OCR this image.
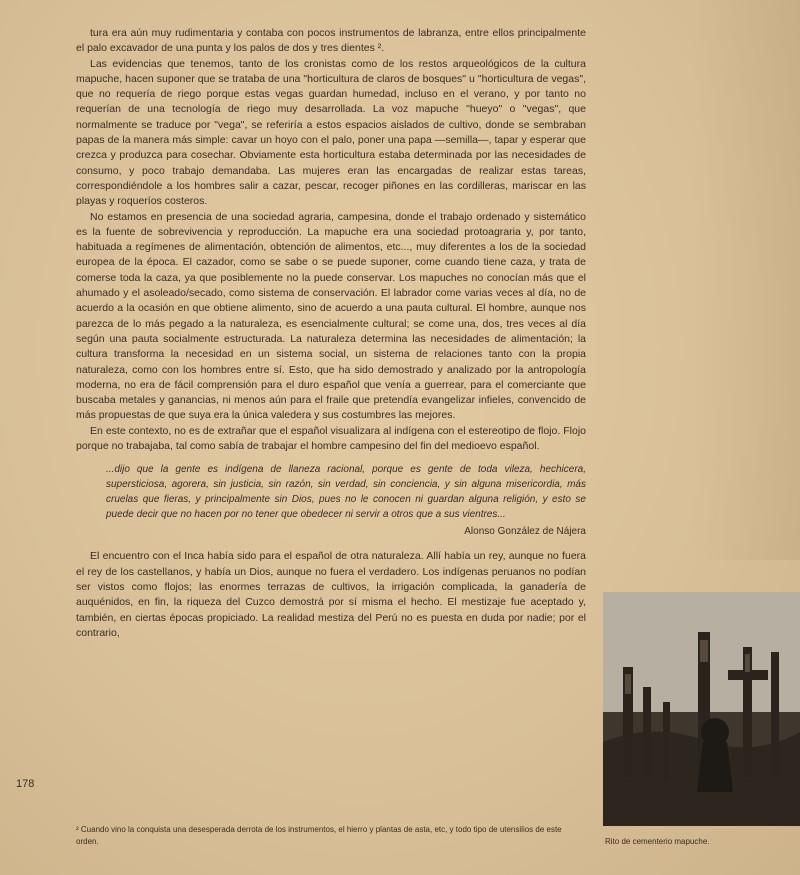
tura era aún muy rudimentaria y contaba con pocos instrumentos de labranza, entre ellos principalmente el palo excavador de una punta y los palos de dos y tres dientes ².

Las evidencias que tenemos, tanto de los cronistas como de los restos arqueológicos de la cultura mapuche, hacen suponer que se trataba de una "horticultura de claros de bosques" u "horticultura de vegas", que no requería de riego porque estas vegas guardan humedad, incluso en el verano, y por tanto no requerían de una tecnología de riego muy desarrollada. La voz mapuche "hueyo" o "vegas", que normalmente se traduce por "vega", se referiría a estos espacios aislados de cultivo, donde se sembraban papas de la manera más simple: cavar un hoyo con el palo, poner una papa —semilla—, tapar y esperar que crezca y produzca para cosechar. Obviamente esta horticultura estaba determinada por las necesidades de consumo, y poco trabajo demandaba. Las mujeres eran las encargadas de realizar estas tareas, correspondiéndole a los hombres salir a cazar, pescar, recoger piñones en las cordilleras, mariscar en las playas y roqueríos costeros.

No estamos en presencia de una sociedad agraria, campesina, donde el trabajo ordenado y sistemático es la fuente de sobrevivencia y reproducción. La mapuche era una sociedad protoagraria y, por tanto, habituada a regímenes de alimentación, obtención de alimentos, etc..., muy diferentes a los de la sociedad europea de la época. El cazador, como se sabe o se puede suponer, come cuando tiene caza, y trata de comerse toda la caza, ya que posiblemente no la puede conservar. Los mapuches no conocían más que el ahumado y el asoleado/secado, como sistema de conservación. El labrador come varias veces al día, no de acuerdo a la ocasión en que obtiene alimento, sino de acuerdo a una pauta cultural. El hombre, aunque nos parezca de lo más pegado a la naturaleza, es esencialmente cultural; se come una, dos, tres veces al día según una pauta socialmente estructurada. La naturaleza determina las necesidades de alimentación; la cultura transforma la necesidad en un sistema social, un sistema de relaciones tanto con la propia naturaleza, como con los hombres entre sí. Esto, que ha sido demostrado y analizado por la antropología moderna, no era de fácil comprensión para el duro español que venía a guerrear, para el comerciante que buscaba metales y ganancias, ni menos aún para el fraile que pretendía evangelizar infieles, convencido de más propuestas de que suya era la única valedera y sus costumbres las mejores.

En este contexto, no es de extrañar que el español visualizara al indígena con el estereotipo de flojo. Flojo porque no trabajaba, tal como sabía de trabajar el hombre campesino del fin del medioevo español.

...dijo que la gente es indígena de llaneza racional, porque es gente de toda vileza, hechicera, supersticiosa, agorera, sin justicia, sin razón, sin verdad, sin conciencia, y sin alguna misericordia, más cruelas que fieras, y principalmente sin Dios, pues no le conocen ni guardan alguna religión, y esto se puede decir que no hacen por no tener que obedecer ni servir a otros que a sus vientres...
Alonso González de Nájera

El encuentro con el Inca había sido para el español de otra naturaleza. Allí había un rey, aunque no fuera el rey de los castellanos, y había un Dios, aunque no fuera el verdadero. Los indígenas peruanos no podían ser vistos como flojos; las enormes terrazas de cultivos, la irrigación complicada, la ganadería de auquénidos, en fin, la riqueza del Cuzco demostrá por sí misma el hecho. El mestizaje fue aceptado y, también, en ciertas épocas propiciado. La realidad mestiza del Perú no es puesta en duda por nadie; por el contrario,

178
² Cuando vino la conquista una desesperada derrota de los instrumentos, el hierro y plantas de asta, etc, y todo tipo de utensilios de este orden.	Rito de cementerio mapuche.
